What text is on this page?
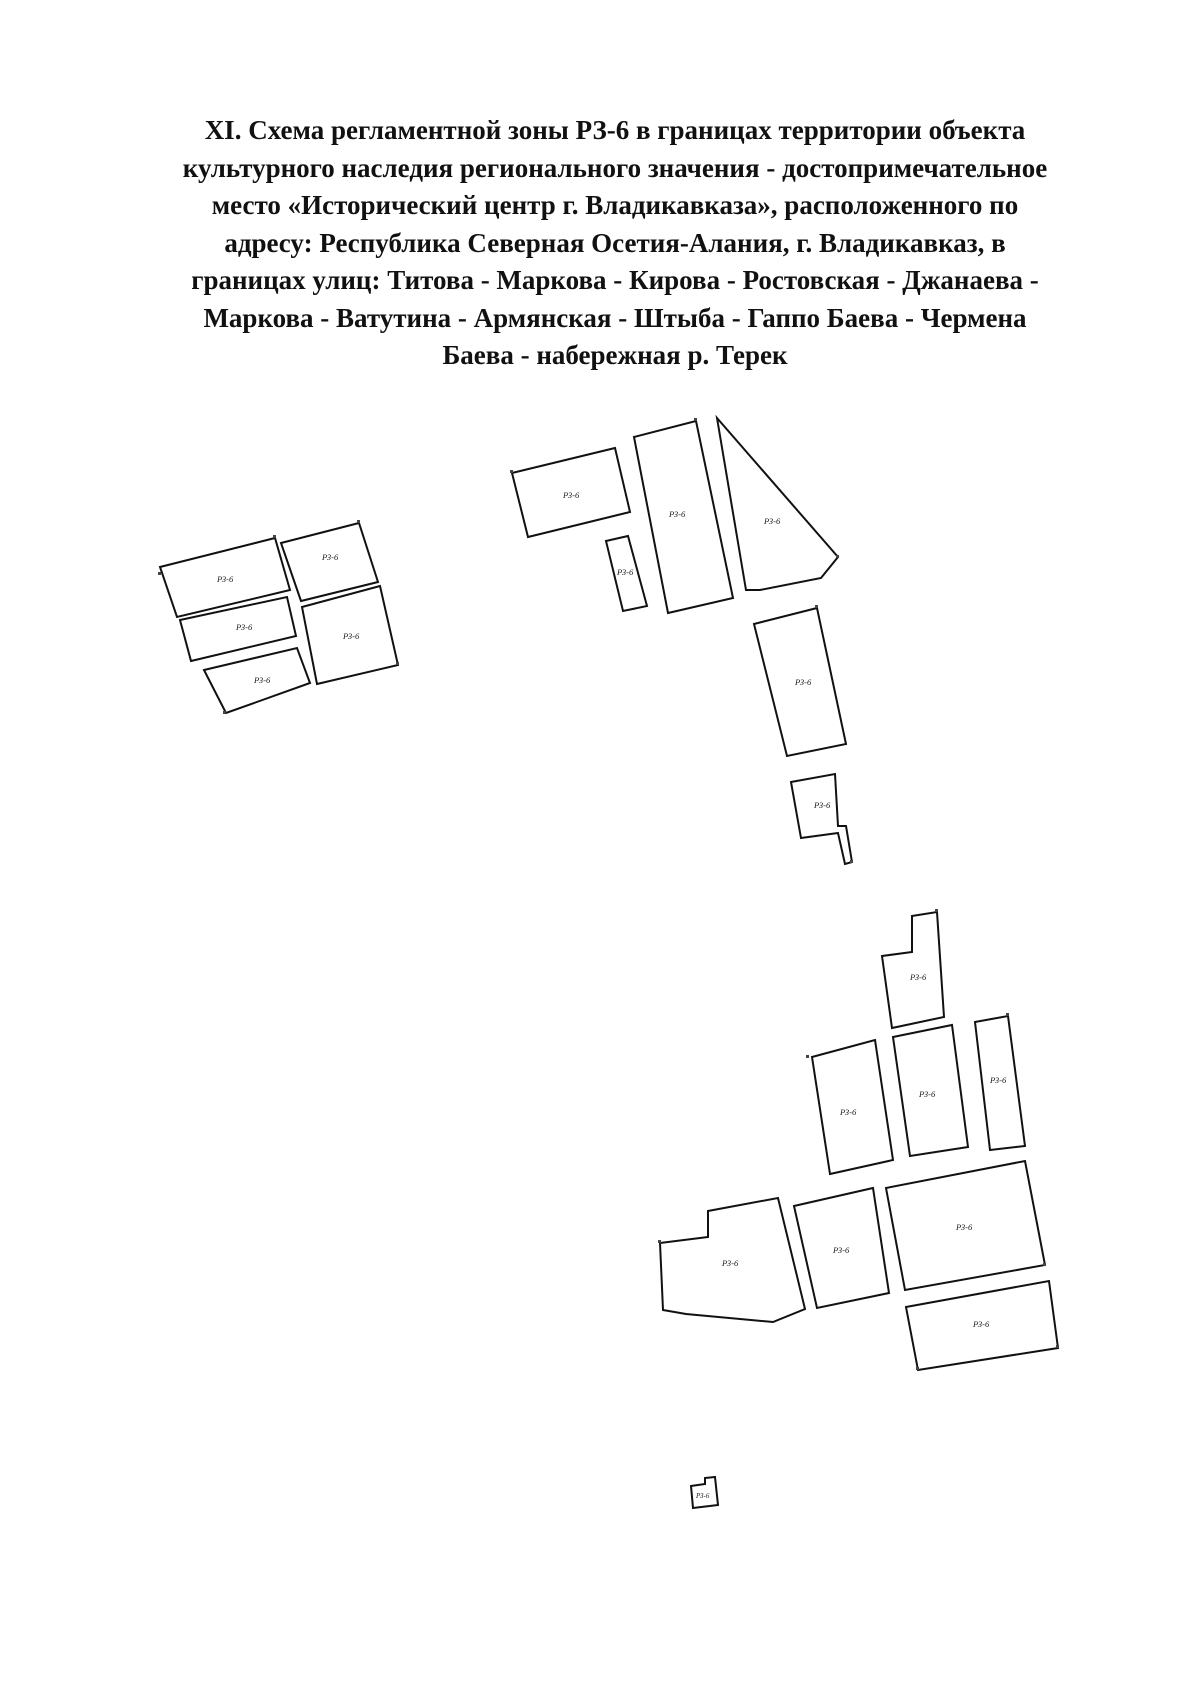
XI. Схема регламентной зоны РЗ-6 в границах территории объекта
культурного наследия регионального значения - достопримечательное
место «Исторический центр г. Владикавказа», расположенного по
адресу: Республика Северная Осетия-Алания, г. Владикавказ, в
границах улиц: Титова - Маркова - Кирова - Ростовская - Джанаева -
Маркова - Ватутина - Армянская - Штыба - Гаппо Баева - Чермена
Баева - набережная р. Терек
РЗ-6
РЗ-6
РЗ-6
РЗ-6
РЗ-6
РЗ-6
РЗ-6
РЗ-6
РЗ-6
РЗ-6
РЗ-6
РЗ-6
РЗ-6
РЗ-6
РЗ-6
РЗ-6
РЗ-6
РЗ-6
РЗ-6
РЗ-6
